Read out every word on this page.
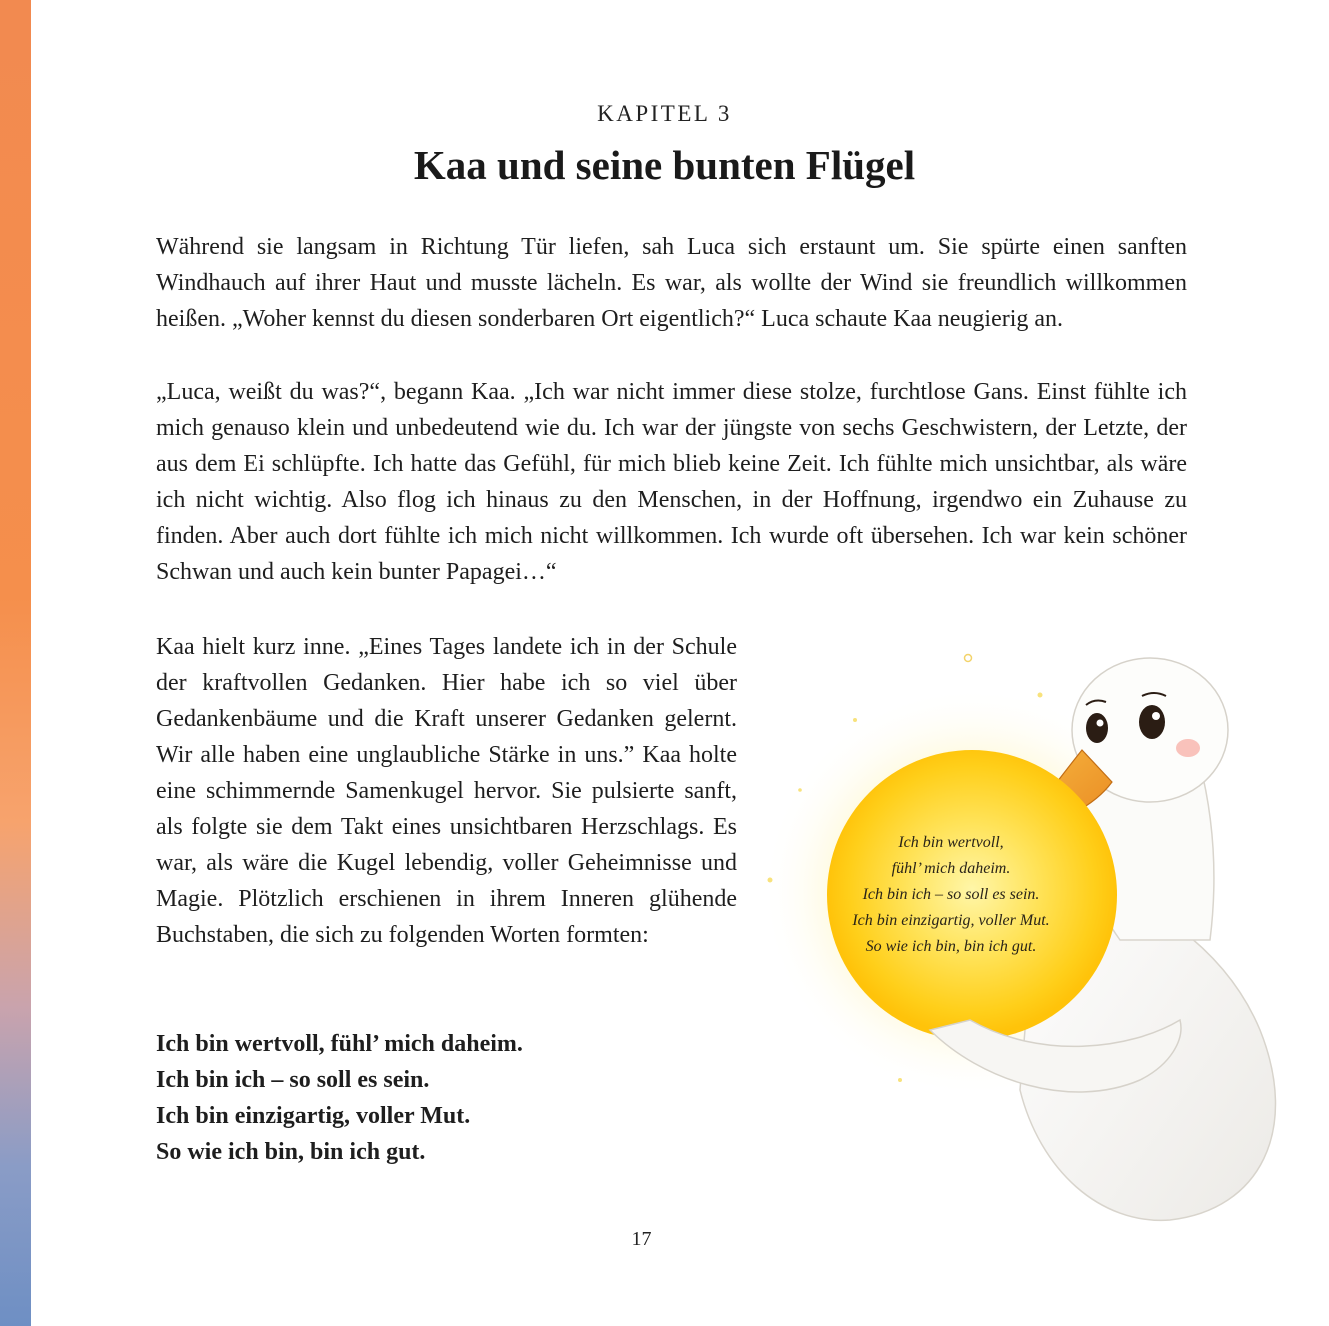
KAPITEL 3
Kaa und seine bunten Flügel

Während sie langsam in Richtung Tür liefen, sah Luca sich erstaunt um. Sie spürte einen sanften Windhauch auf ihrer Haut und musste lächeln. Es war, als wollte der Wind sie freundlich willkommen heißen. „Woher kennst du diesen sonderbaren Ort eigentlich?“ Luca schaute Kaa neugierig an.

„Luca, weißt du was?“, begann Kaa. „Ich war nicht immer diese stolze, furchtlose Gans. Einst fühlte ich mich genauso klein und unbedeutend wie du. Ich war der jüngste von sechs Geschwistern, der Letzte, der aus dem Ei schlüpfte. Ich hatte das Gefühl, für mich blieb keine Zeit. Ich fühlte mich unsichtbar, als wäre ich nicht wichtig. Also flog ich hinaus zu den Menschen, in der Hoffnung, irgendwo ein Zuhause zu finden. Aber auch dort fühlte ich mich nicht willkommen. Ich wurde oft übersehen. Ich war kein schöner Schwan und auch kein bunter Papagei…“

Kaa hielt kurz inne. „Eines Tages landete ich in der Schule der kraftvollen Gedanken. Hier habe ich so viel über Gedankenbäume und die Kraft unserer Gedanken gelernt. Wir alle haben eine unglaubliche Stärke in uns.” Kaa holte eine schimmernde Samenkugel hervor. Sie pulsierte sanft, als folgte sie dem Takt eines unsichtbaren Herzschlags. Es war, als wäre die Kugel lebendig, voller Geheimnisse und Magie. Plötzlich erschienen in ihrem Inneren glühende Buchstaben, die sich zu folgenden Worten formten:

Ich bin wertvoll, fühl’ mich daheim.
Ich bin ich – so soll es sein.
Ich bin einzigartig, voller Mut.
So wie ich bin, bin ich gut.
Ich bin wertvoll,
fühl’ mich daheim.
Ich bin ich – so soll es sein.
Ich bin einzigartig, voller Mut.
So wie ich bin, bin ich gut.
17
